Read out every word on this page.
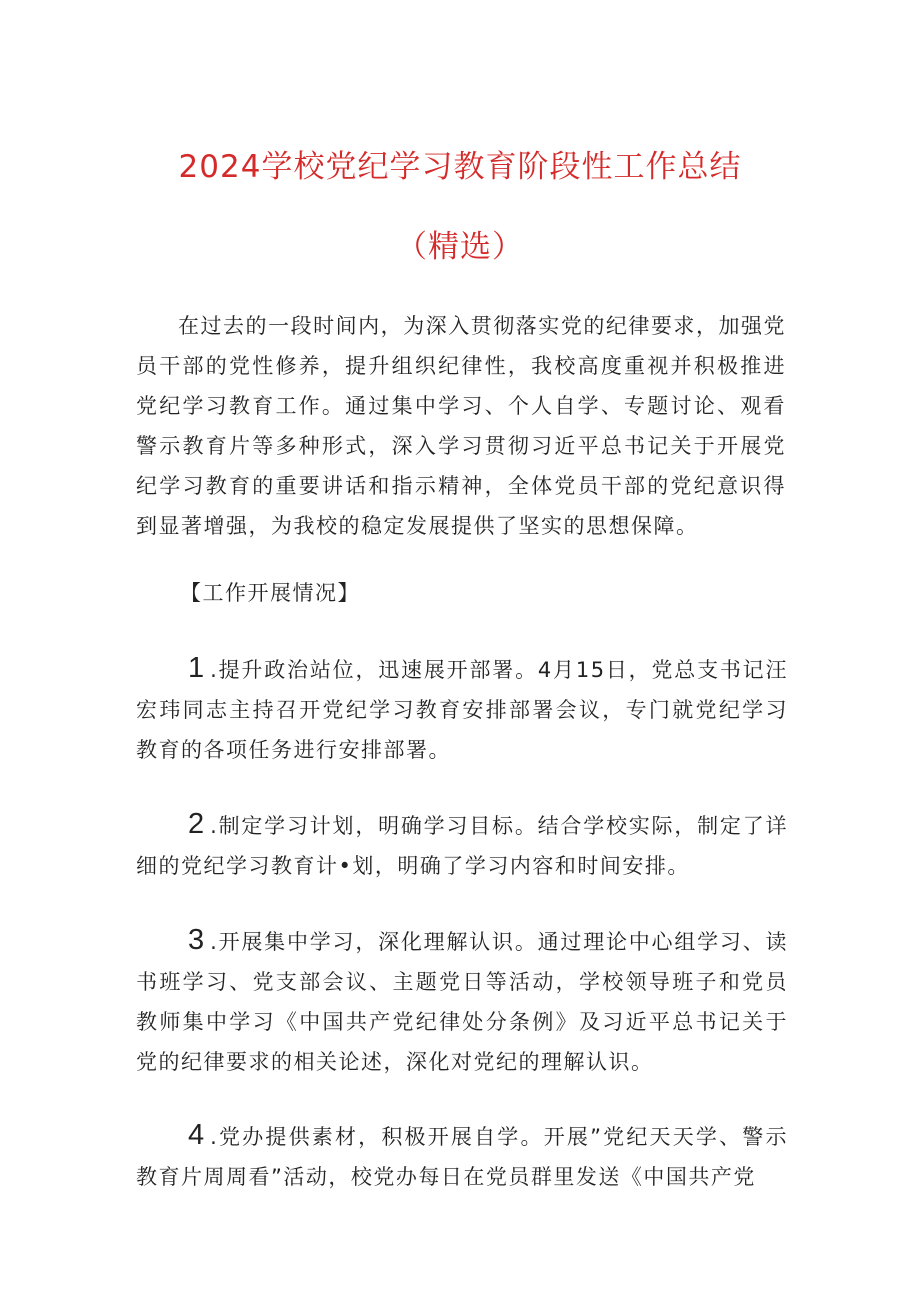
2024学校党纪学习教育阶段性工作总结
（精选）

在过去的一段时间内，为深入贯彻落实党的纪律要求，加强党员干部的党性修养，提升组织纪律性，我校高度重视并积极推进党纪学习教育工作。通过集中学习、个人自学、专题讨论、观看警示教育片等多种形式，深入学习贯彻习近平总书记关于开展党纪学习教育的重要讲话和指示精神，全体党员干部的党纪意识得到显著增强，为我校的稳定发展提供了坚实的思想保障。

【工作开展情况】

1 .提升政治站位，迅速展开部署。4月15日，党总支书记汪宏玮同志主持召开党纪学习教育安排部署会议，专门就党纪学习教育的各项任务进行安排部署。

2 .制定学习计划，明确学习目标。结合学校实际，制定了详细的党纪学习教育计•划，明确了学习内容和时间安排。

3 .开展集中学习，深化理解认识。通过理论中心组学习、读书班学习、党支部会议、主题党日等活动，学校领导班子和党员教师集中学习《中国共产党纪律处分条例》及习近平总书记关于党的纪律要求的相关论述，深化对党纪的理解认识。

4 .党办提供素材，积极开展自学。开展”党纪天天学、警示教育片周周看”活动，校党办每日在党员群里发送《中国共产党
